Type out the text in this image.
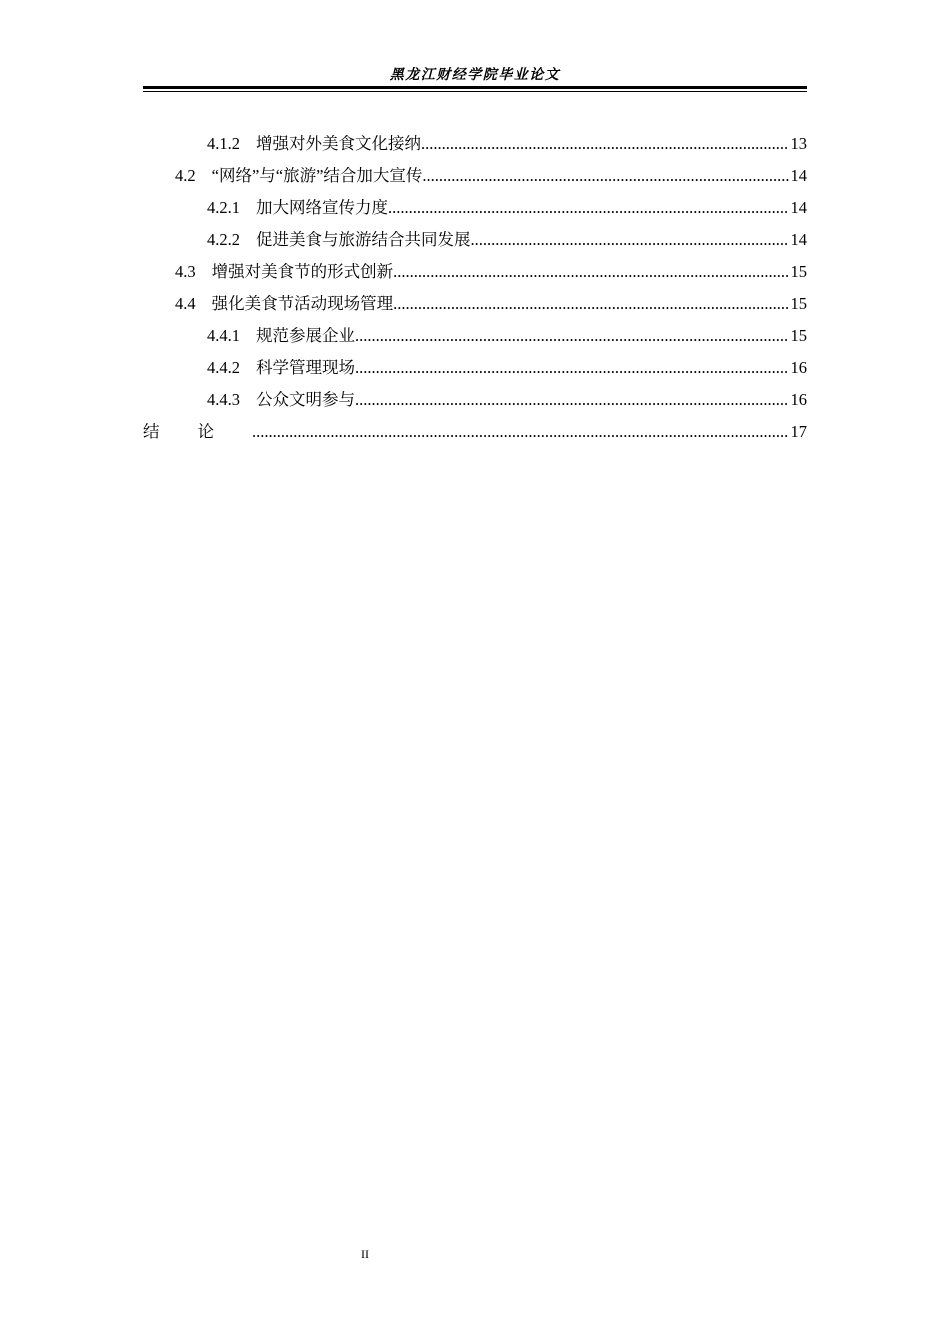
黑龙江财经学院毕业论文
4.1.2 增强对外美食文化接纳 .....	13
4.2 “网络”与“旅游”结合加大宣传 .....	14
4.2.1 加大网络宣传力度 .....	14
4.2.2 促进美食与旅游结合共同发展 .....	14
4.3 增强对美食节的形式创新 .....	15
4.4 强化美食节活动现场管理 .....	15
4.4.1 规范参展企业 .....	15
4.4.2 科学管理现场 .....	16
4.4.3 公众文明参与 .....	16
结论 .....	17
II
